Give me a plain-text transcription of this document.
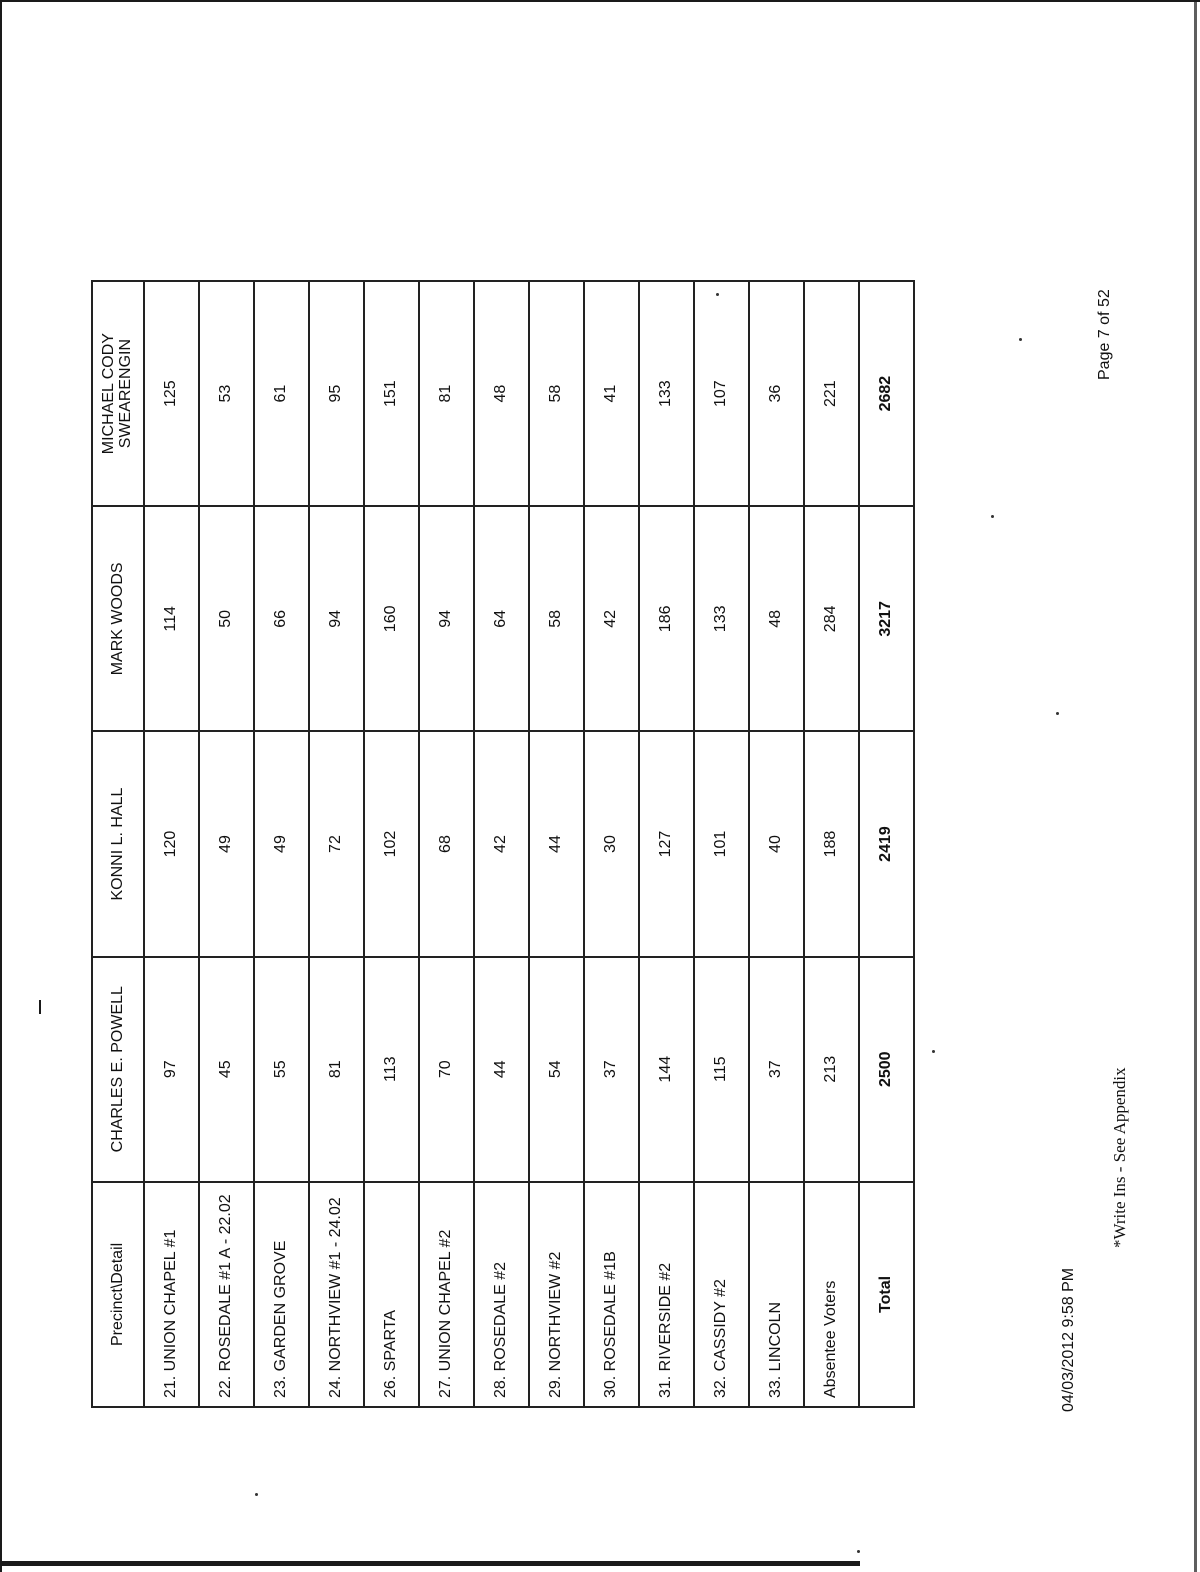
Precinct\Detail	CHARLES E. POWELL	KONNI L. HALL	MARK WOODS	MICHAEL CODY SWEARENGIN
21. UNION CHAPEL #1	97	120	114	125
22. ROSEDALE #1 A - 22.02	45	49	50	53
23. GARDEN GROVE	55	49	66	61
24. NORTHVIEW #1 - 24.02	81	72	94	95
26. SPARTA	113	102	160	151
27. UNION CHAPEL #2	70	68	94	81
28. ROSEDALE #2	44	42	64	48
29. NORTHVIEW #2	54	44	58	58
30. ROSEDALE #1B	37	30	42	41
31. RIVERSIDE #2	144	127	186	133
32. CASSIDY #2	115	101	133	107
33. LINCOLN	37	40	48	36
Absentee Voters	213	188	284	221
Total	2500	2419	3217	2682
04/03/2012 9:58 PM
*Write Ins - See Appendix
Page 7 of 52
